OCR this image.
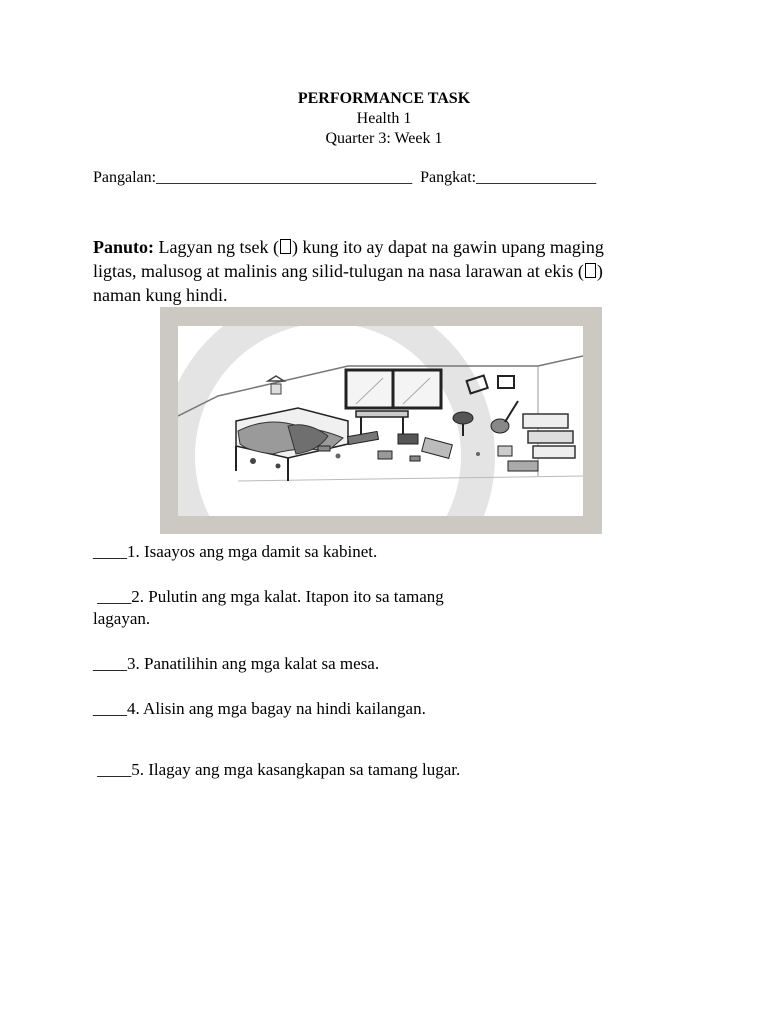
PERFORMANCE TASK
Health 1
Quarter 3: Week 1
Pangalan:________________________________ Pangkat:_______________
Panuto: Lagyan ng tsek ( ) kung ito ay dapat na gawin upang maging ligtas, malusog at malinis ang silid-tulugan na nasa larawan at ekis (☒) naman kung hindi.
____1. Isaayos ang mga damit sa kabinet.
____2. Pulutin ang mga kalat. Itapon ito sa tamang
lagayan.
____3. Panatilihin ang mga kalat sa mesa.
____4. Alisin ang mga bagay na hindi kailangan.
____5. Ilagay ang mga kasangkapan sa tamang lugar.
